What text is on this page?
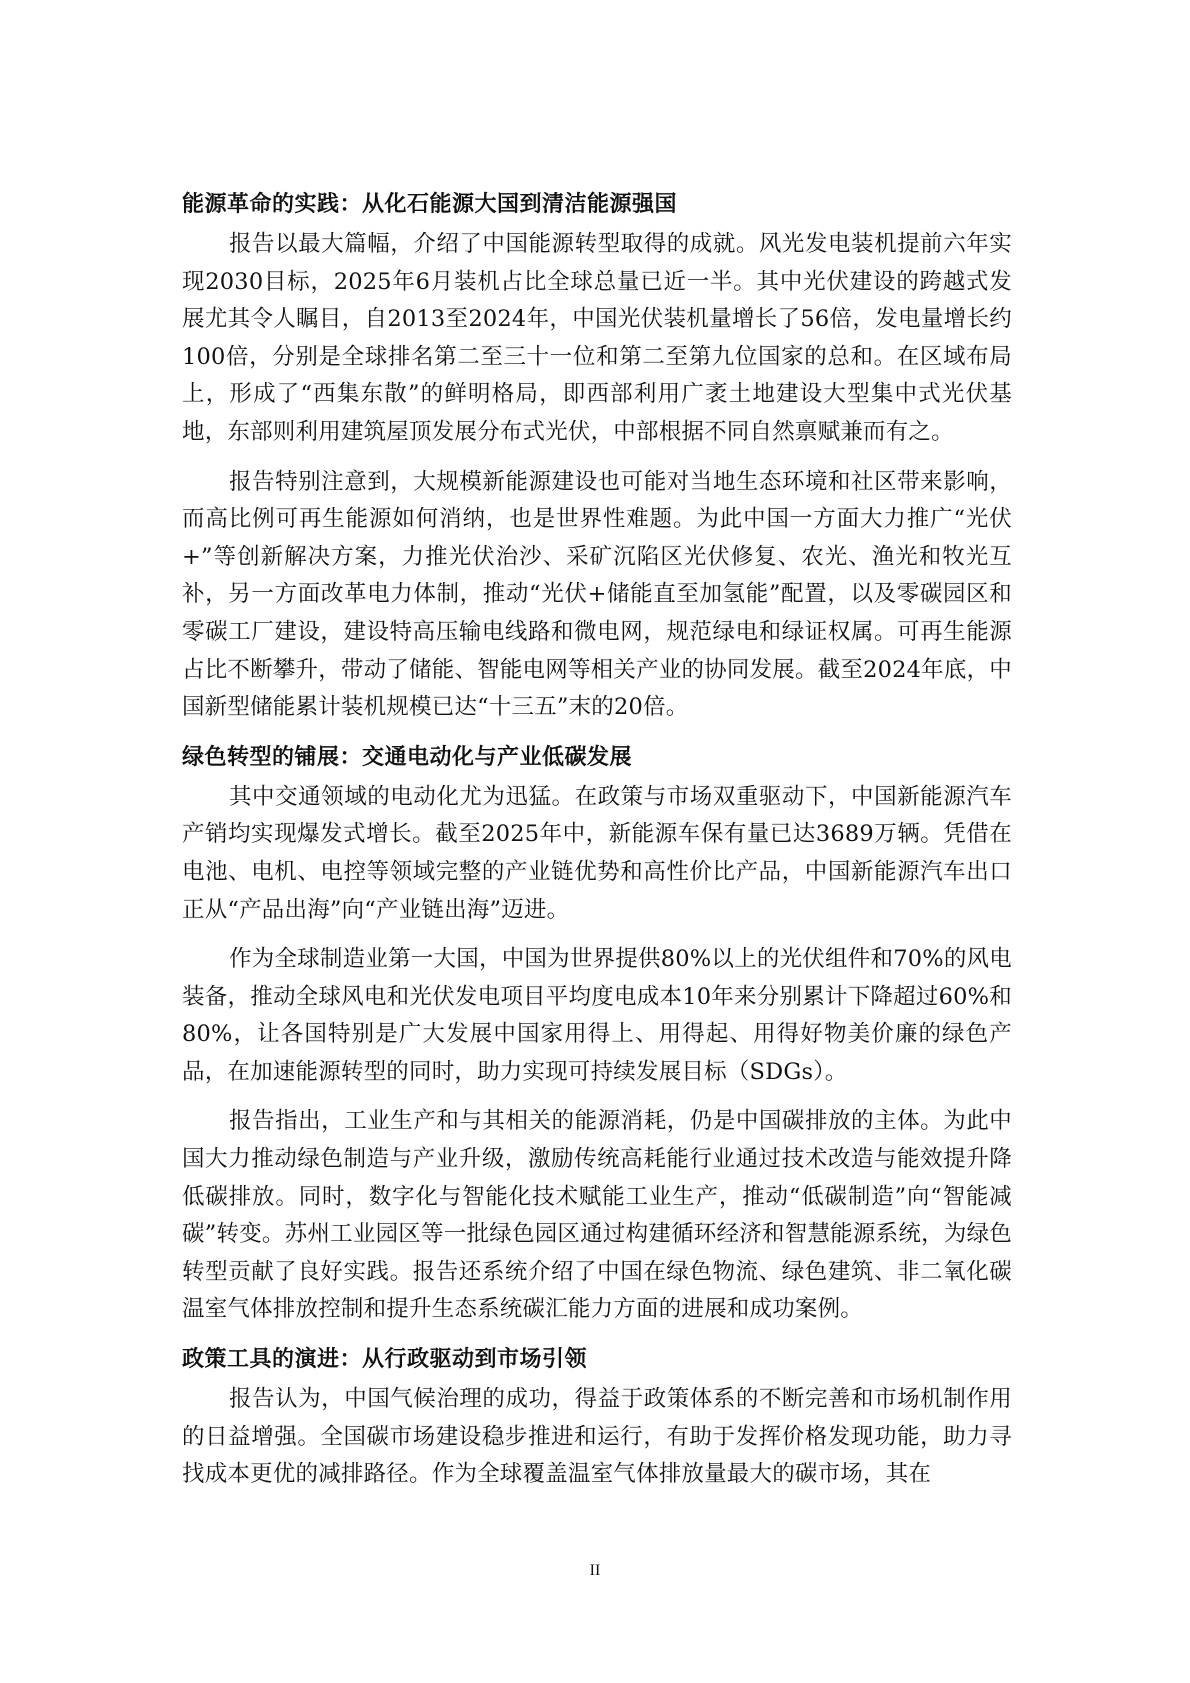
能源革命的实践：从化石能源大国到清洁能源强国

报告以最大篇幅，介绍了中国能源转型取得的成就。风光发电装机提前六年实现2030目标，2025年6月装机占比全球总量已近一半。其中光伏建设的跨越式发展尤其令人瞩目，自2013至2024年，中国光伏装机量增长了56倍，发电量增长约100倍，分别是全球排名第二至三十一位和第二至第九位国家的总和。在区域布局上，形成了“西集东散”的鲜明格局，即西部利用广袤土地建设大型集中式光伏基地，东部则利用建筑屋顶发展分布式光伏，中部根据不同自然禀赋兼而有之。

报告特别注意到，大规模新能源建设也可能对当地生态环境和社区带来影响，而高比例可再生能源如何消纳，也是世界性难题。为此中国一方面大力推广“光伏+”等创新解决方案，力推光伏治沙、采矿沉陷区光伏修复、农光、渔光和牧光互补，另一方面改革电力体制，推动“光伏+储能直至加氢能”配置，以及零碳园区和零碳工厂建设，建设特高压输电线路和微电网，规范绿电和绿证权属。可再生能源占比不断攀升，带动了储能、智能电网等相关产业的协同发展。截至2024年底，中国新型储能累计装机规模已达“十三五”末的20倍。

绿色转型的铺展：交通电动化与产业低碳发展

其中交通领域的电动化尤为迅猛。在政策与市场双重驱动下，中国新能源汽车产销均实现爆发式增长。截至2025年中，新能源车保有量已达3689万辆。凭借在电池、电机、电控等领域完整的产业链优势和高性价比产品，中国新能源汽车出口正从“产品出海”向“产业链出海”迈进。

作为全球制造业第一大国，中国为世界提供80%以上的光伏组件和70%的风电装备，推动全球风电和光伏发电项目平均度电成本10年来分别累计下降超过60%和80%，让各国特别是广大发展中国家用得上、用得起、用得好物美价廉的绿色产品，在加速能源转型的同时，助力实现可持续发展目标（SDGs）。

报告指出，工业生产和与其相关的能源消耗，仍是中国碳排放的主体。为此中国大力推动绿色制造与产业升级，激励传统高耗能行业通过技术改造与能效提升降低碳排放。同时，数字化与智能化技术赋能工业生产，推动“低碳制造”向“智能减碳”转变。苏州工业园区等一批绿色园区通过构建循环经济和智慧能源系统，为绿色转型贡献了良好实践。报告还系统介绍了中国在绿色物流、绿色建筑、非二氧化碳温室气体排放控制和提升生态系统碳汇能力方面的进展和成功案例。

政策工具的演进：从行政驱动到市场引领

报告认为，中国气候治理的成功，得益于政策体系的不断完善和市场机制作用的日益增强。全国碳市场建设稳步推进和运行，有助于发挥价格发现功能，助力寻找成本更优的减排路径。作为全球覆盖温室气体排放量最大的碳市场，其在

II
